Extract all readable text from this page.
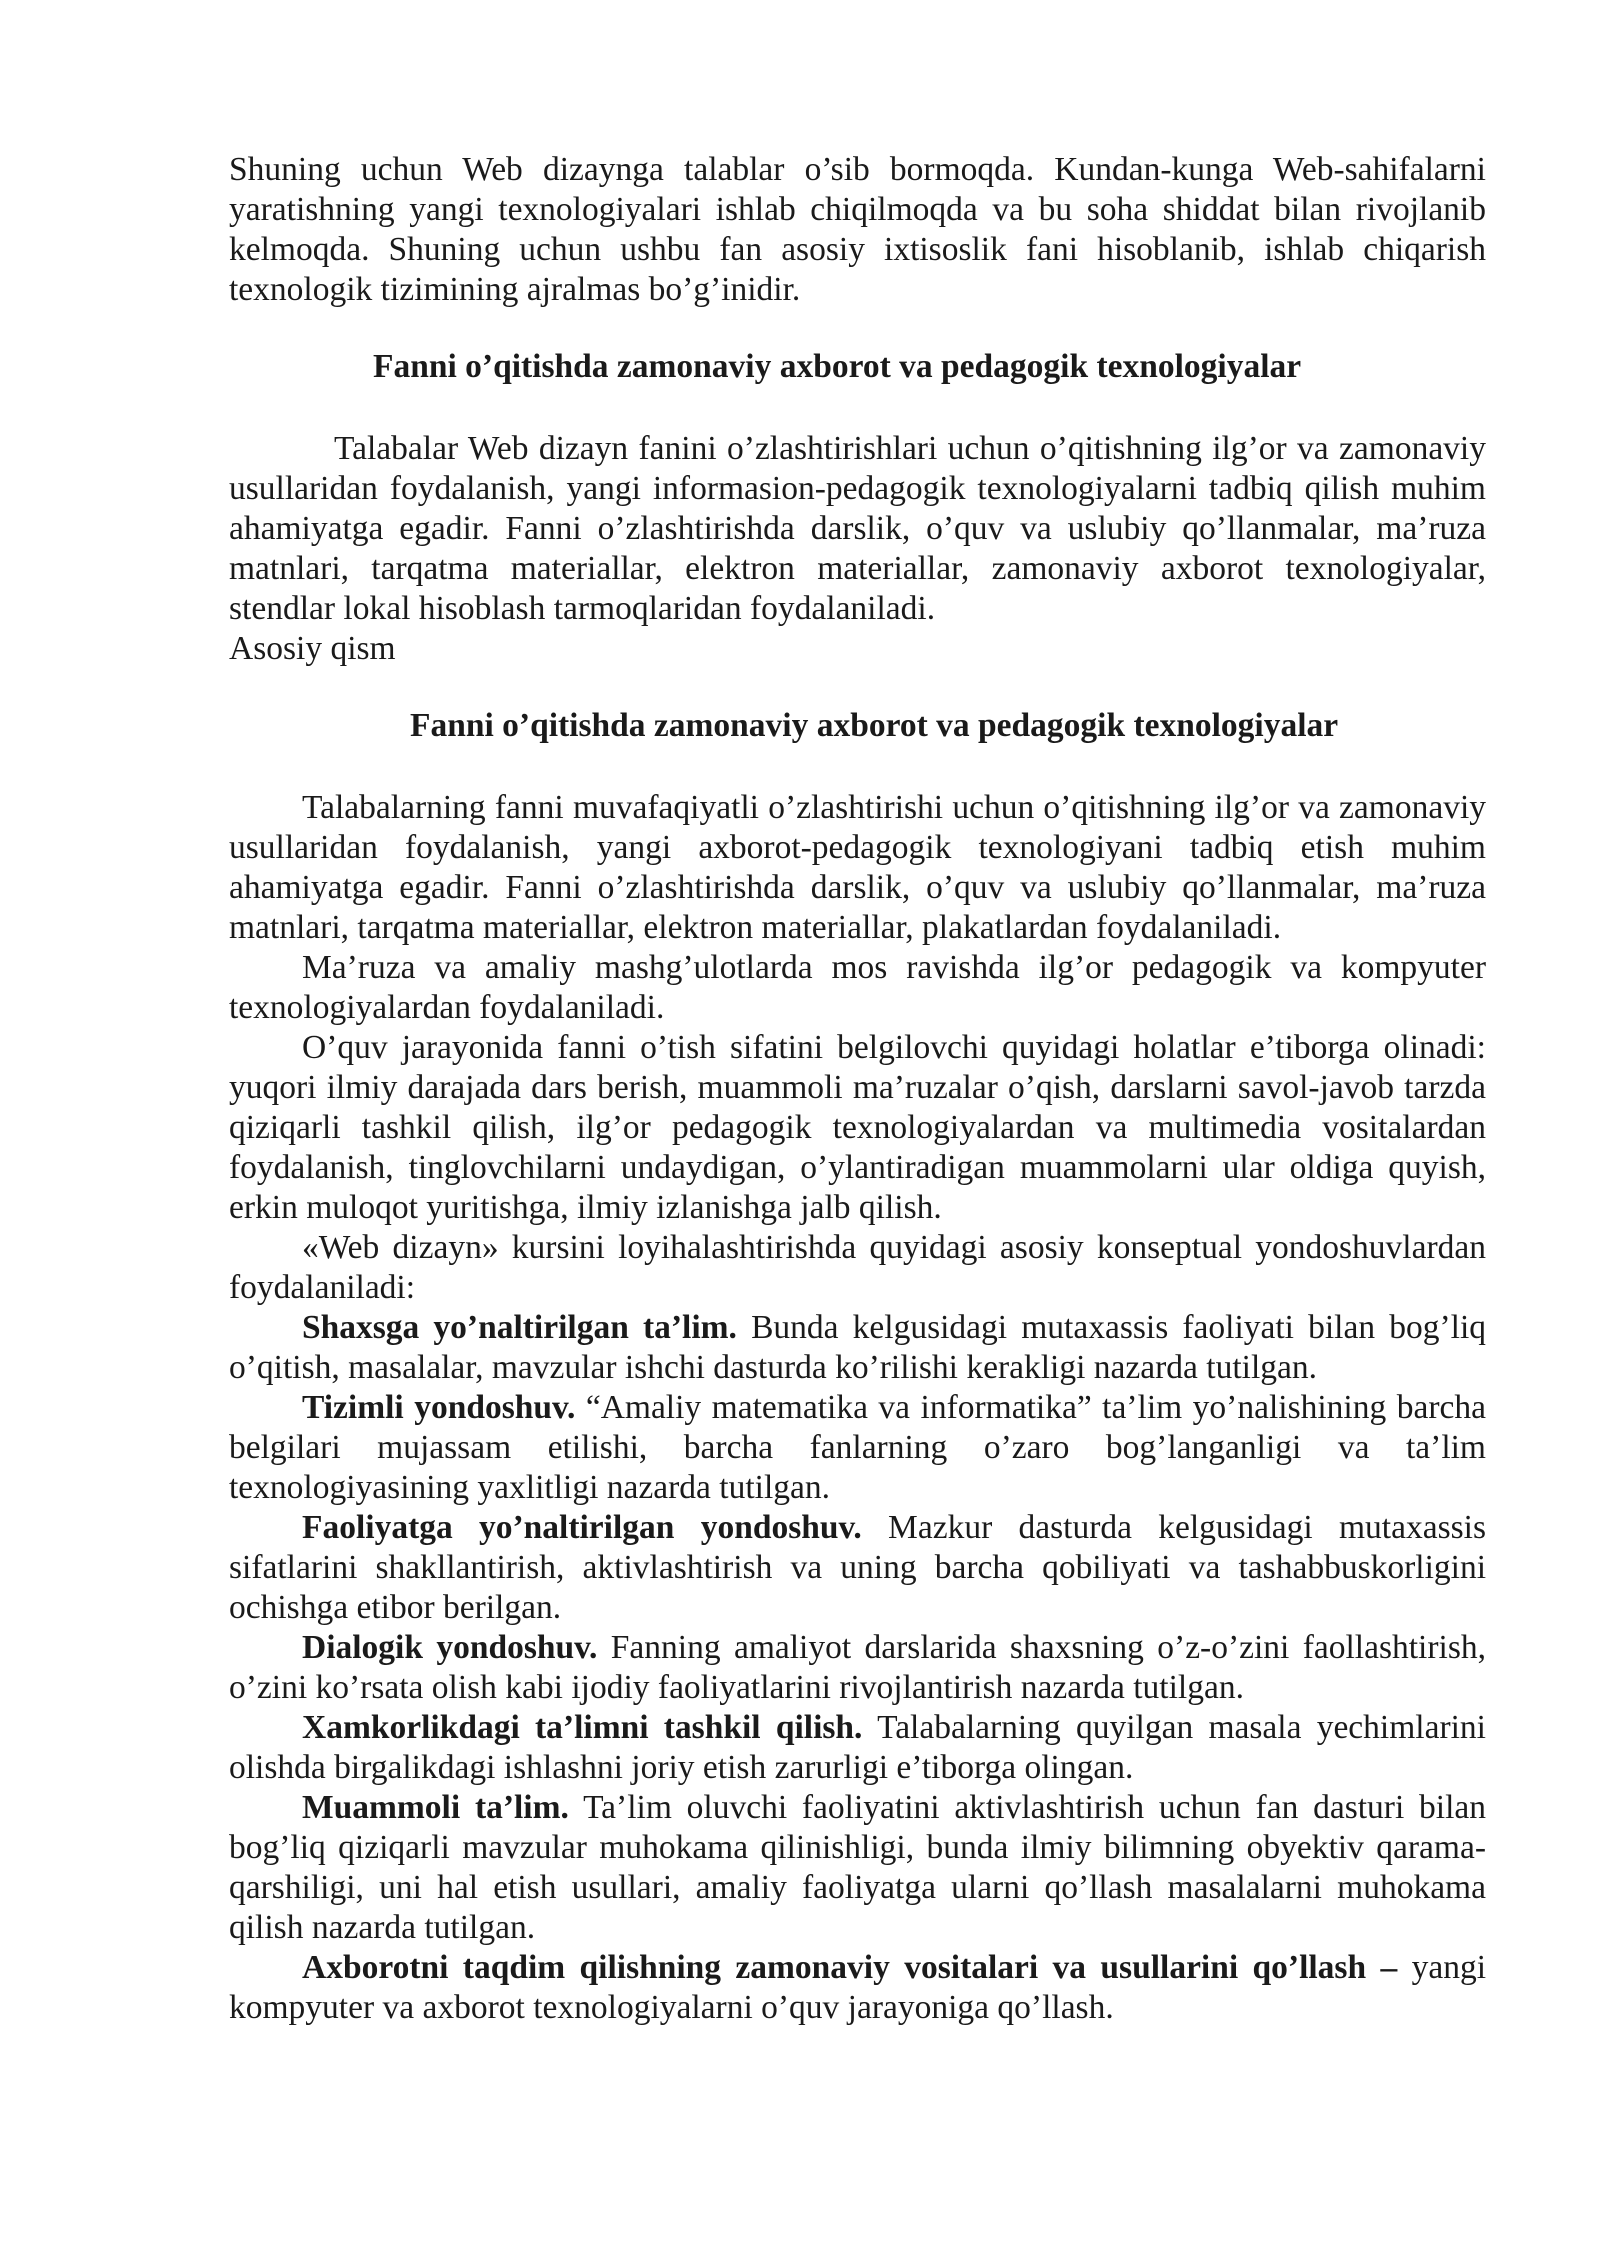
Shuning uchun Web dizaynga talablar o’sib bormoqda. Kundan-kunga Web-sahifalarni yaratishning yangi texnologiyalari ishlab chiqilmoqda va bu soha shiddat bilan rivojlanib kelmoqda. Shuning uchun ushbu fan asosiy ixtisoslik fani hisoblanib, ishlab chiqarish texnologik tizimining ajralmas bo’g’inidir.

Fanni o’qitishda zamonaviy axborot va pedagogik texnologiyalar

Talabalar Web dizayn fanini o’zlashtirishlari uchun o’qitishning ilg’or va zamonaviy usullaridan foydalanish, yangi informasion-pedagogik texnologiyalarni tadbiq qilish muhim ahamiyatga egadir. Fanni o’zlashtirishda darslik, o’quv va uslubiy qo’llanmalar, ma’ruza matnlari, tarqatma materiallar, elektron materiallar, zamonaviy axborot texnologiyalar, stendlar lokal hisoblash tarmoqlaridan foydalaniladi.

Asosiy qism

Fanni o’qitishda zamonaviy axborot va pedagogik texnologiyalar

Talabalarning fanni muvafaqiyatli o’zlashtirishi uchun o’qitishning ilg’or va zamonaviy usullaridan foydalanish, yangi axborot-pedagogik texnologiyani tadbiq etish muhim ahamiyatga egadir. Fanni o’zlashtirishda darslik, o’quv va uslubiy qo’llanmalar, ma’ruza matnlari, tarqatma materiallar, elektron materiallar, plakatlardan foydalaniladi.

Ma’ruza va amaliy mashg’ulotlarda mos ravishda ilg’or pedagogik va kompyuter texnologiyalardan foydalaniladi.

O’quv jarayonida fanni o’tish sifatini belgilovchi quyidagi holatlar e’tiborga olinadi: yuqori ilmiy darajada dars berish, muammoli ma’ruzalar o’qish, darslarni savol-javob tarzda qiziqarli tashkil qilish, ilg’or pedagogik texnologiyalardan va multimedia vositalardan foydalanish, tinglovchilarni undaydigan, o’ylantiradigan muammolarni ular oldiga quyish, erkin muloqot yuritishga, ilmiy izlanishga jalb qilish.

«Web dizayn» kursini loyihalashtirishda quyidagi asosiy konseptual yondoshuvlardan foydalaniladi:

Shaxsga yo’naltirilgan ta’lim. Bunda kelgusidagi mutaxassis faoliyati bilan bog’liq o’qitish, masalalar, mavzular ishchi dasturda ko’rilishi kerakligi nazarda tutilgan.

Tizimli yondoshuv. “Amaliy matematika va informatika” ta’lim yo’nalishining barcha belgilari mujassam etilishi, barcha fanlarning o’zaro bog’langanligi va ta’lim texnologiyasining yaxlitligi nazarda tutilgan.

Faoliyatga yo’naltirilgan yondoshuv. Mazkur dasturda kelgusidagi mutaxassis sifatlarini shakllantirish, aktivlashtirish va uning barcha qobiliyati va tashabbuskorligini ochishga etibor berilgan.

Dialogik yondoshuv. Fanning amaliyot darslarida shaxsning o’z-o’zini faollashtirish, o’zini ko’rsata olish kabi ijodiy faoliyatlarini rivojlantirish nazarda tutilgan.

Xamkorlikdagi ta’limni tashkil qilish. Talabalarning quyilgan masala yechimlarini olishda birgalikdagi ishlashni joriy etish zarurligi e’tiborga olingan.

Muammoli ta’lim. Ta’lim oluvchi faoliyatini aktivlashtirish uchun fan dasturi bilan bog’liq qiziqarli mavzular muhokama qilinishligi, bunda ilmiy bilimning obyektiv qarama-qarshiligi, uni hal etish usullari, amaliy faoliyatga ularni qo’llash masalalarni muhokama qilish nazarda tutilgan.

Axborotni taqdim qilishning zamonaviy vositalari va usullarini qo’llash – yangi kompyuter va axborot texnologiyalarni o’quv jarayoniga qo’llash.
